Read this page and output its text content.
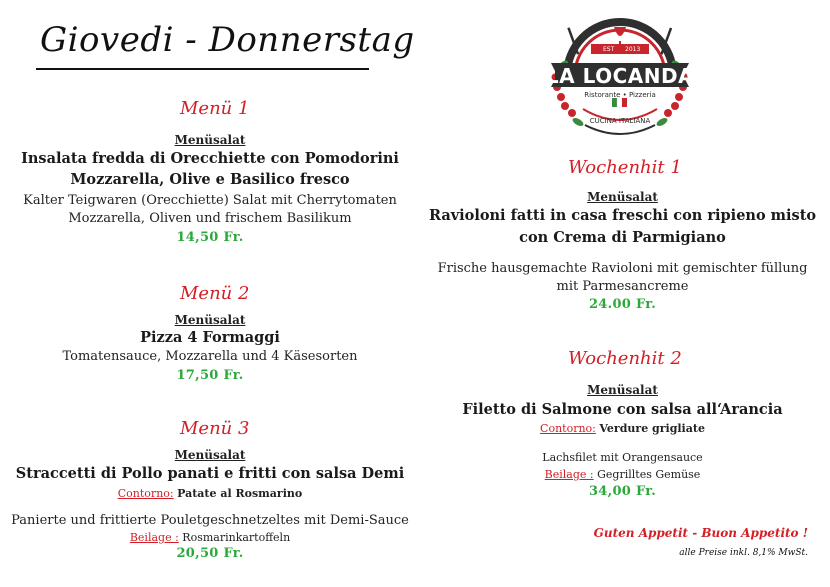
Giovedi - Donnerstag	EST 2013
LA LOCANDA
Ristorante • Pizzeria
CUCINA ITALIANA
Menü 1
Menüsalat
Insalata fredda di Orecchiette con Pomodorini
Mozzarella, Olive e Basilico fresco
Kalter Teigwaren (Orecchiette) Salat mit Cherrytomaten
Mozzarella, Oliven und frischem Basilikum
14,50 Fr.
Menü 2
Menüsalat
Pizza 4 Formaggi
Tomatensauce, Mozzarella und 4 Käsesorten
17,50 Fr.
Menü 3
Menüsalat
Straccetti di Pollo panati e fritti con salsa Demi
Contorno: Patate al Rosmarino
Panierte und frittierte Pouletgeschnetzeltes mit Demi-Sauce
Beilage : Rosmarinkartoffeln
20,50 Fr.
Wochenhit 1
Menüsalat
Ravioloni fatti in casa freschi con ripieno misto
con Crema di Parmigiano
Frische hausgemachte Ravioloni mit gemischter füllung
mit Parmesancreme
24.00 Fr.
Wochenhit 2
Menüsalat
Filetto di Salmone con salsa all‘Arancia
Contorno: Verdure grigliate
Lachsfilet mit Orangensauce
Beilage : Gegrilltes Gemüse
34,00 Fr.
Guten Appetit - Buon Appetito !
alle Preise inkl. 8,1% MwSt.
